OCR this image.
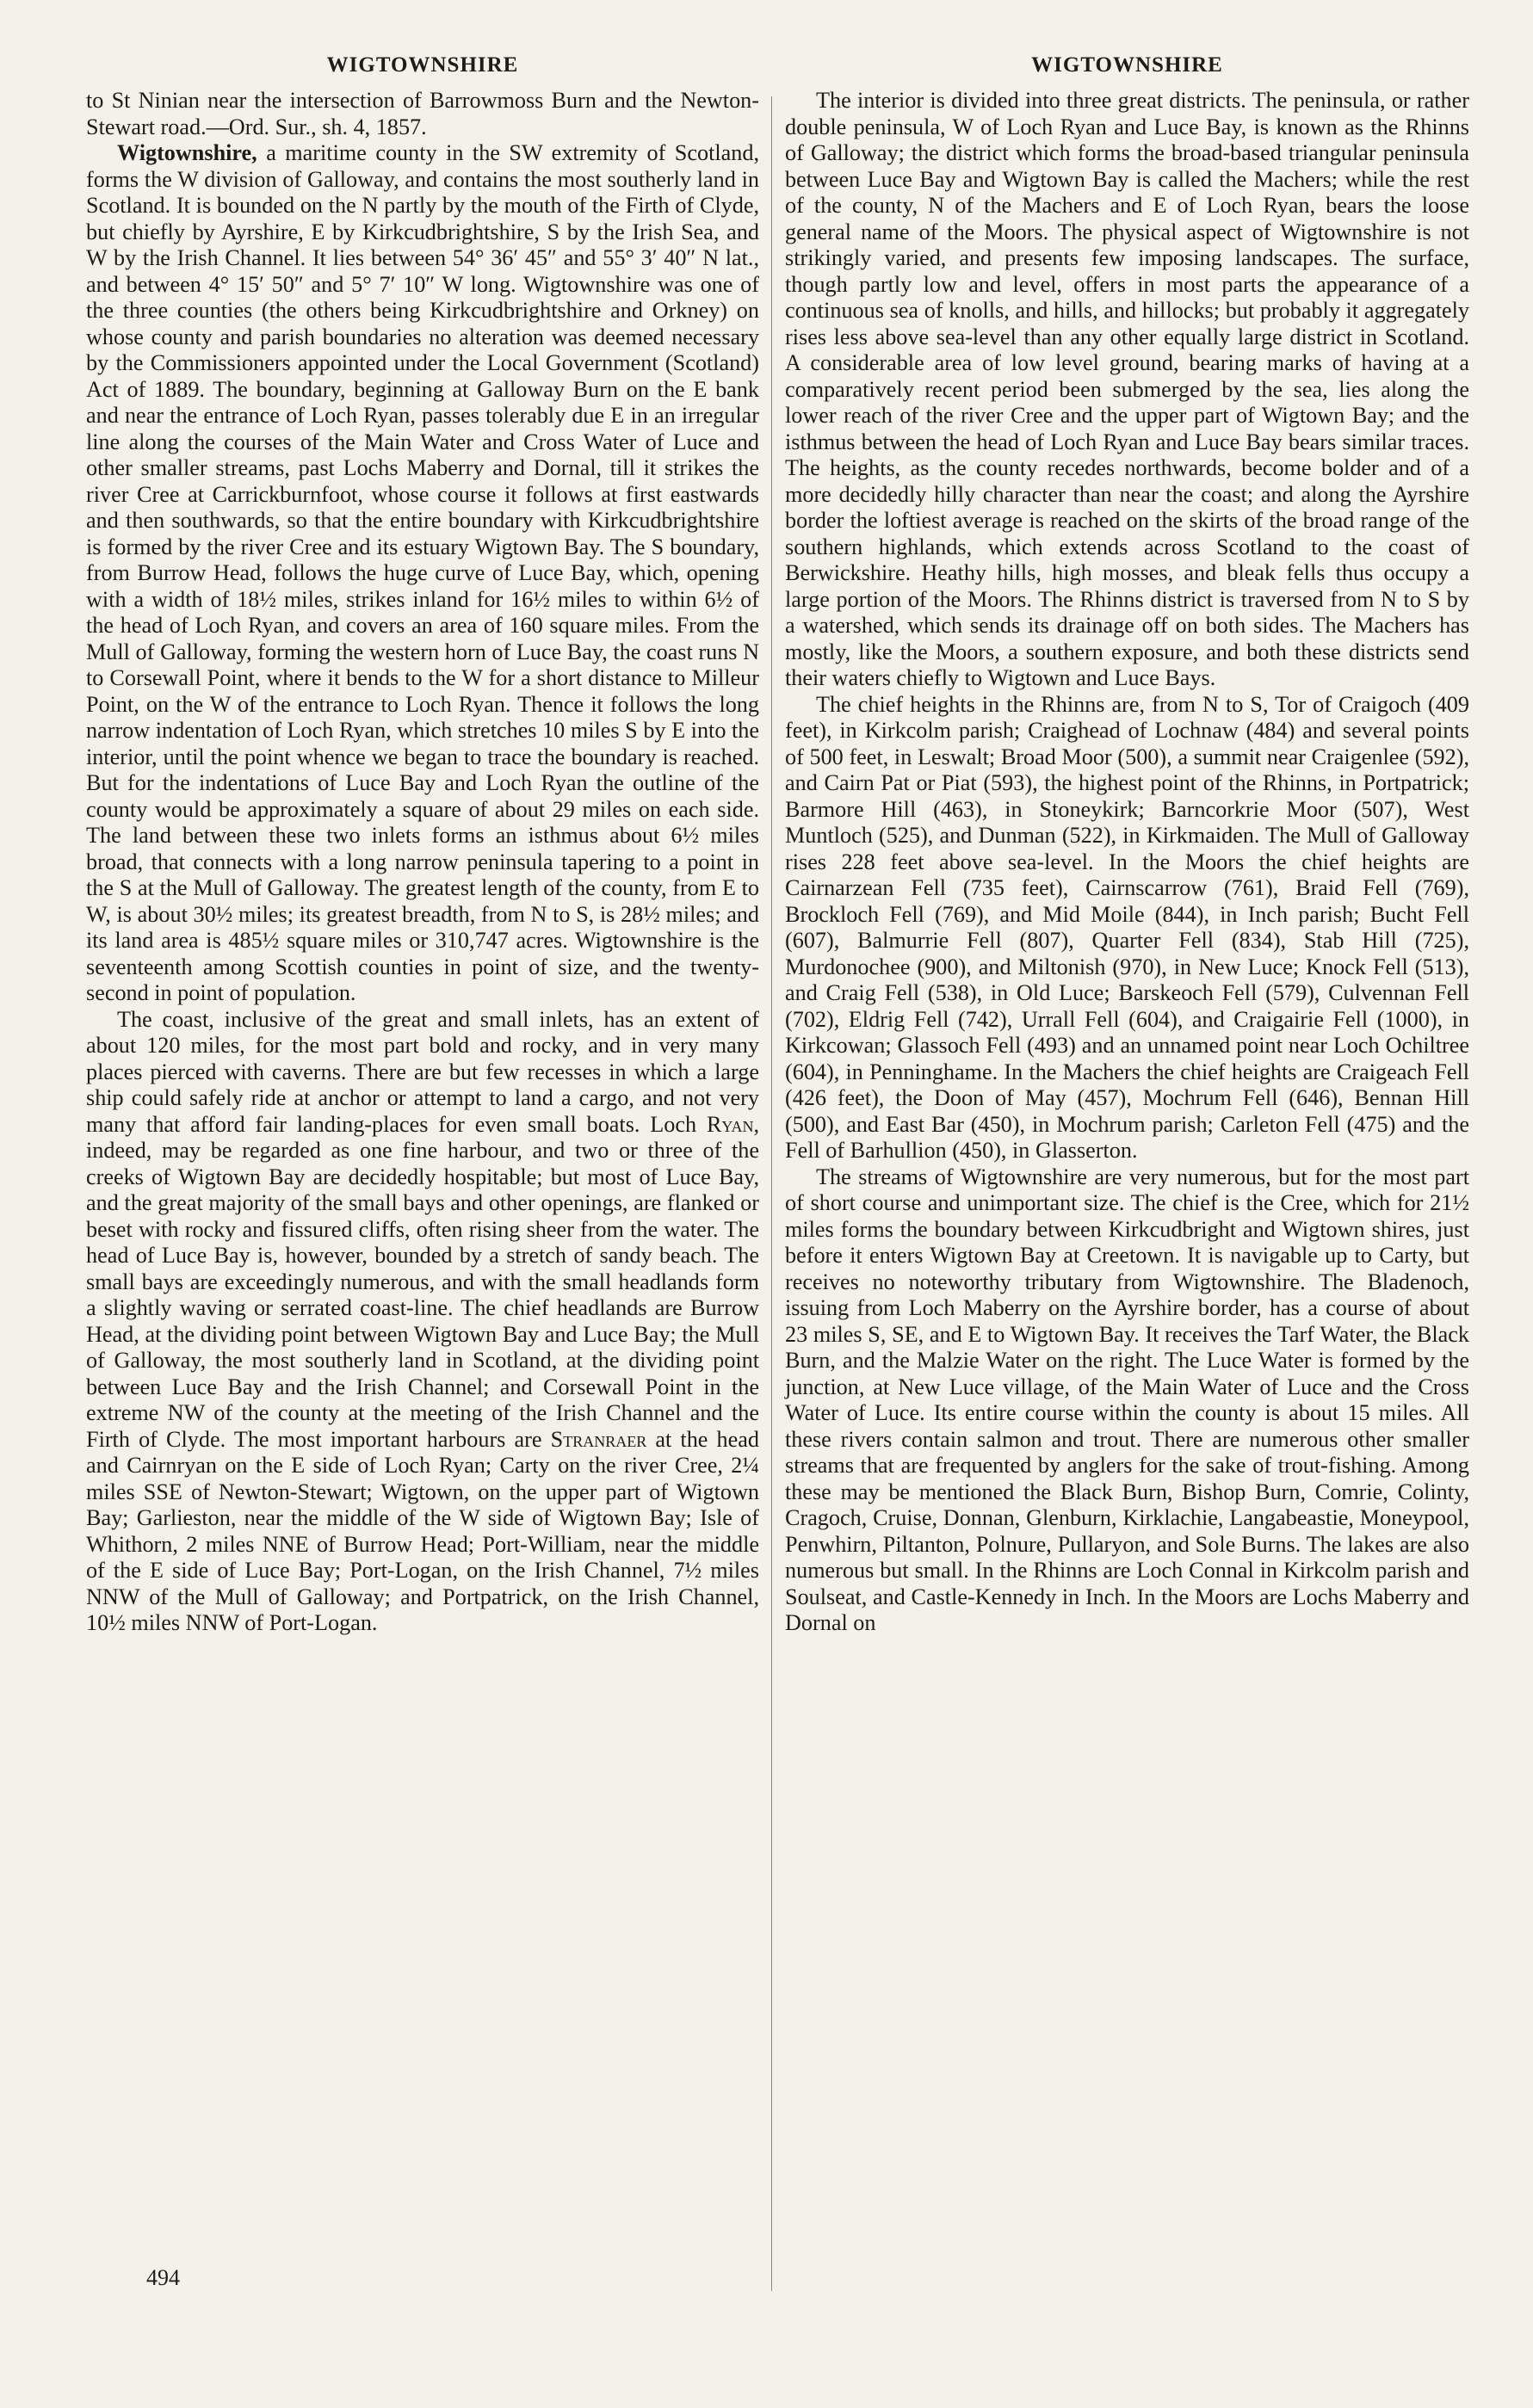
WIGTOWNSHIRE

to St Ninian near the intersection of Barrowmoss Burn and the Newton-Stewart road.—Ord. Sur., sh. 4, 1857.

Wigtownshire, a maritime county in the SW extremity of Scotland, forms the W division of Galloway, and contains the most southerly land in Scotland. It is bounded on the N partly by the mouth of the Firth of Clyde, but chiefly by Ayrshire, E by Kirkcudbrightshire, S by the Irish Sea, and W by the Irish Channel. It lies between 54° 36′ 45″ and 55° 3′ 40″ N lat., and between 4° 15′ 50″ and 5° 7′ 10″ W long. Wigtownshire was one of the three counties (the others being Kirkcudbrightshire and Orkney) on whose county and parish boundaries no alteration was deemed necessary by the Commissioners appointed under the Local Government (Scotland) Act of 1889. The boundary, beginning at Galloway Burn on the E bank and near the entrance of Loch Ryan, passes tolerably due E in an irregular line along the courses of the Main Water and Cross Water of Luce and other smaller streams, past Lochs Maberry and Dornal, till it strikes the river Cree at Carrickburnfoot, whose course it follows at first eastwards and then southwards, so that the entire boundary with Kirkcudbrightshire is formed by the river Cree and its estuary Wigtown Bay. The S boundary, from Burrow Head, follows the huge curve of Luce Bay, which, opening with a width of 18½ miles, strikes inland for 16½ miles to within 6½ of the head of Loch Ryan, and covers an area of 160 square miles. From the Mull of Galloway, forming the western horn of Luce Bay, the coast runs N to Corsewall Point, where it bends to the W for a short distance to Milleur Point, on the W of the entrance to Loch Ryan. Thence it follows the long narrow indentation of Loch Ryan, which stretches 10 miles S by E into the interior, until the point whence we began to trace the boundary is reached. But for the indentations of Luce Bay and Loch Ryan the outline of the county would be approximately a square of about 29 miles on each side. The land between these two inlets forms an isthmus about 6½ miles broad, that connects with a long narrow peninsula tapering to a point in the S at the Mull of Galloway. The greatest length of the county, from E to W, is about 30½ miles; its greatest breadth, from N to S, is 28½ miles; and its land area is 485½ square miles or 310,747 acres. Wigtownshire is the seventeenth among Scottish counties in point of size, and the twenty-second in point of population.

The coast, inclusive of the great and small inlets, has an extent of about 120 miles, for the most part bold and rocky, and in very many places pierced with caverns. There are but few recesses in which a large ship could safely ride at anchor or attempt to land a cargo, and not very many that afford fair landing-places for even small boats. Loch Ryan, indeed, may be regarded as one fine harbour, and two or three of the creeks of Wigtown Bay are decidedly hospitable; but most of Luce Bay, and the great majority of the small bays and other openings, are flanked or beset with rocky and fissured cliffs, often rising sheer from the water. The head of Luce Bay is, however, bounded by a stretch of sandy beach. The small bays are exceedingly numerous, and with the small headlands form a slightly waving or serrated coast-line. The chief headlands are Burrow Head, at the dividing point between Wigtown Bay and Luce Bay; the Mull of Galloway, the most southerly land in Scotland, at the dividing point between Luce Bay and the Irish Channel; and Corsewall Point in the extreme NW of the county at the meeting of the Irish Channel and the Firth of Clyde. The most important harbours are Stranraer at the head and Cairnryan on the E side of Loch Ryan; Carty on the river Cree, 2¼ miles SSE of Newton-Stewart; Wigtown, on the upper part of Wigtown Bay; Garlieston, near the middle of the W side of Wigtown Bay; Isle of Whithorn, 2 miles NNE of Burrow Head; Port-William, near the middle of the E side of Luce Bay; Port-Logan, on the Irish Channel, 7½ miles NNW of the Mull of Galloway; and Portpatrick, on the Irish Channel, 10½ miles NNW of Port-Logan.

WIGTOWNSHIRE

The interior is divided into three great districts. The peninsula, or rather double peninsula, W of Loch Ryan and Luce Bay, is known as the Rhinns of Galloway; the district which forms the broad-based triangular peninsula between Luce Bay and Wigtown Bay is called the Machers; while the rest of the county, N of the Machers and E of Loch Ryan, bears the loose general name of the Moors. The physical aspect of Wigtownshire is not strikingly varied, and presents few imposing landscapes. The surface, though partly low and level, offers in most parts the appearance of a continuous sea of knolls, and hills, and hillocks; but probably it aggregately rises less above sea-level than any other equally large district in Scotland. A considerable area of low level ground, bearing marks of having at a comparatively recent period been submerged by the sea, lies along the lower reach of the river Cree and the upper part of Wigtown Bay; and the isthmus between the head of Loch Ryan and Luce Bay bears similar traces. The heights, as the county recedes northwards, become bolder and of a more decidedly hilly character than near the coast; and along the Ayrshire border the loftiest average is reached on the skirts of the broad range of the southern highlands, which extends across Scotland to the coast of Berwickshire. Heathy hills, high mosses, and bleak fells thus occupy a large portion of the Moors. The Rhinns district is traversed from N to S by a watershed, which sends its drainage off on both sides. The Machers has mostly, like the Moors, a southern exposure, and both these districts send their waters chiefly to Wigtown and Luce Bays.

The chief heights in the Rhinns are, from N to S, Tor of Craigoch (409 feet), in Kirkcolm parish; Craighead of Lochnaw (484) and several points of 500 feet, in Leswalt; Broad Moor (500), a summit near Craigenlee (592), and Cairn Pat or Piat (593), the highest point of the Rhinns, in Portpatrick; Barmore Hill (463), in Stoneykirk; Barncorkrie Moor (507), West Muntloch (525), and Dunman (522), in Kirkmaiden. The Mull of Galloway rises 228 feet above sea-level. In the Moors the chief heights are Cairnarzean Fell (735 feet), Cairnscarrow (761), Braid Fell (769), Brockloch Fell (769), and Mid Moile (844), in Inch parish; Bucht Fell (607), Balmurrie Fell (807), Quarter Fell (834), Stab Hill (725), Murdonochee (900), and Miltonish (970), in New Luce; Knock Fell (513), and Craig Fell (538), in Old Luce; Barskeoch Fell (579), Culvennan Fell (702), Eldrig Fell (742), Urrall Fell (604), and Craigairie Fell (1000), in Kirkcowan; Glassoch Fell (493) and an unnamed point near Loch Ochiltree (604), in Penninghame. In the Machers the chief heights are Craigeach Fell (426 feet), the Doon of May (457), Mochrum Fell (646), Bennan Hill (500), and East Bar (450), in Mochrum parish; Carleton Fell (475) and the Fell of Barhullion (450), in Glasserton.

The streams of Wigtownshire are very numerous, but for the most part of short course and unimportant size. The chief is the Cree, which for 21½ miles forms the boundary between Kirkcudbright and Wigtown shires, just before it enters Wigtown Bay at Creetown. It is navigable up to Carty, but receives no noteworthy tributary from Wigtownshire. The Bladenoch, issuing from Loch Maberry on the Ayrshire border, has a course of about 23 miles S, SE, and E to Wigtown Bay. It receives the Tarf Water, the Black Burn, and the Malzie Water on the right. The Luce Water is formed by the junction, at New Luce village, of the Main Water of Luce and the Cross Water of Luce. Its entire course within the county is about 15 miles. All these rivers contain salmon and trout. There are numerous other smaller streams that are frequented by anglers for the sake of trout-fishing. Among these may be mentioned the Black Burn, Bishop Burn, Comrie, Colinty, Cragoch, Cruise, Donnan, Glenburn, Kirklachie, Langabeastie, Moneypool, Penwhirn, Piltanton, Polnure, Pullaryon, and Sole Burns. The lakes are also numerous but small. In the Rhinns are Loch Connal in Kirkcolm parish and Soulseat, and Castle-Kennedy in Inch. In the Moors are Lochs Maberry and Dornal on

494
